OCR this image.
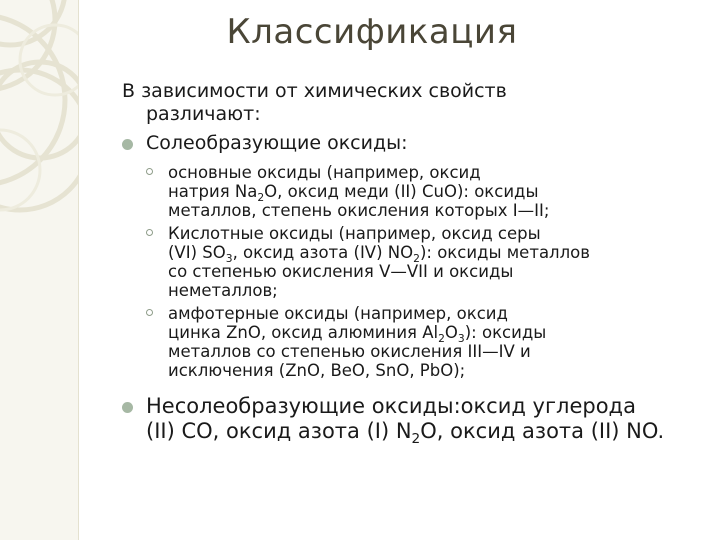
Классификация

В зависимости от химических свойств
различают:

Солеобразующие оксиды:
основные оксиды (например, оксид
натрия $Na_2O$, оксид меди (II) CuO): оксиды
металлов, степень окисления которых I—II;
Кислотные оксиды (например, оксид серы
(VI) $SO_3$, оксид азота (IV) $NO_2$): оксиды металлов
со степенью окисления V—VII и оксиды
неметаллов;
амфотерные оксиды (например, оксид
цинка ZnO, оксид алюминия $Al_2O_3$): оксиды
металлов со степенью окисления III—IV и
исключения (ZnO, BeO, SnO, PbO);
Несолеобразующие оксиды:оксид углерода
(II) CO, оксид азота (I) $N_2O$, оксид азота (II) NO.
